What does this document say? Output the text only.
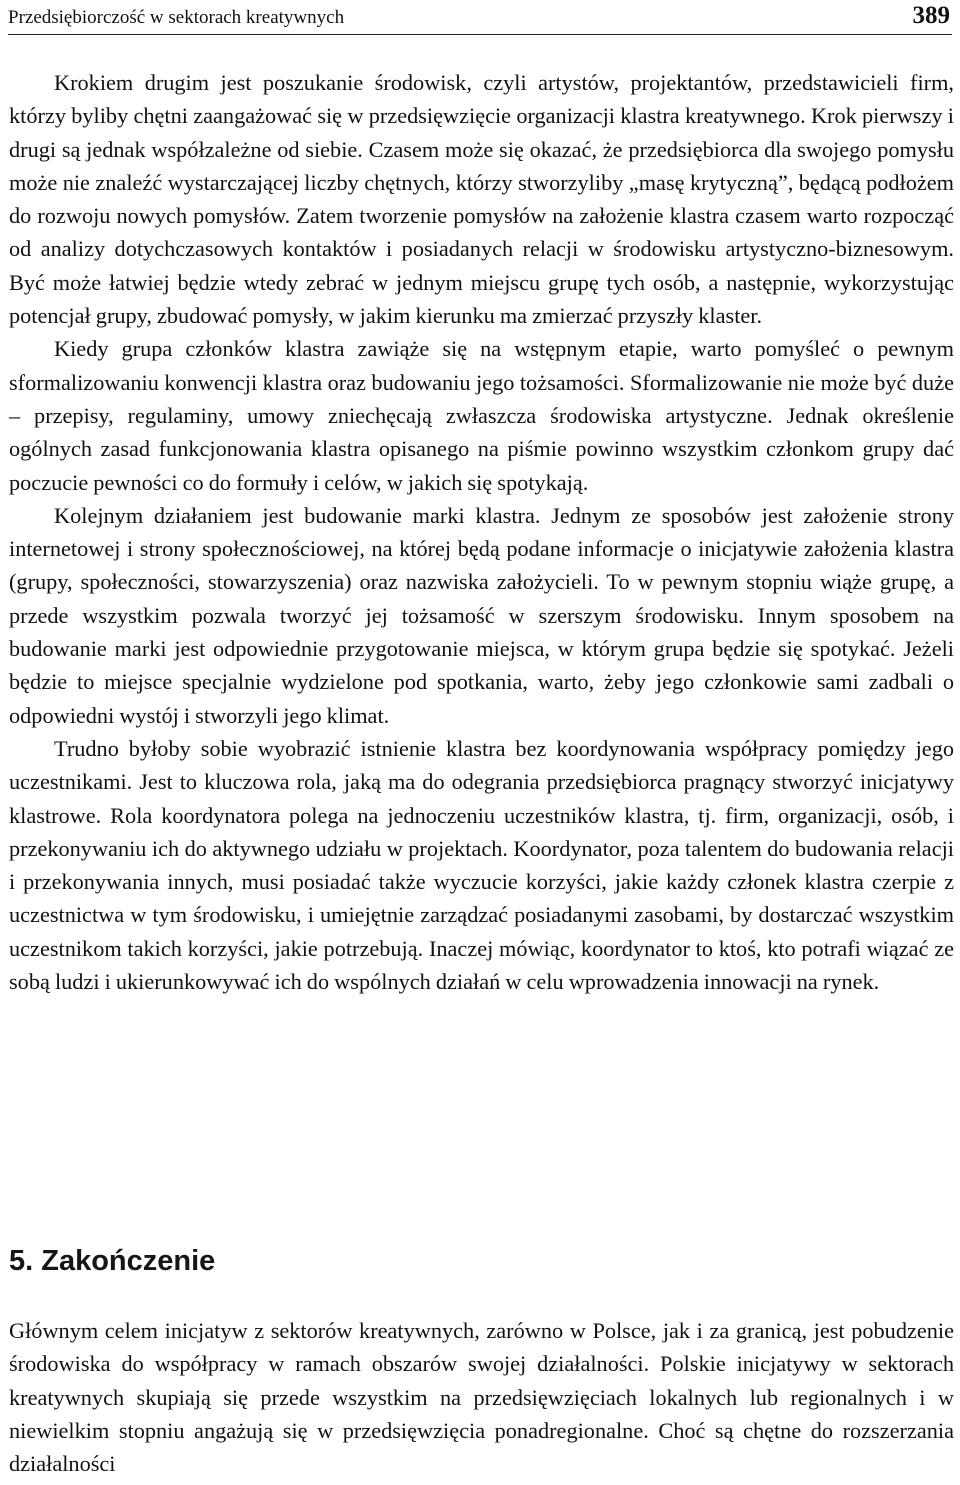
Przedsiębiorczość w sektorach kreatywnych	389

Krokiem drugim jest poszukanie środowisk, czyli artystów, projektantów, przedstawicieli firm, którzy byliby chętni zaangażować się w przedsięwzięcie organizacji klastra kreatywnego. Krok pierwszy i drugi są jednak współzależne od siebie. Czasem może się okazać, że przedsiębiorca dla swojego pomysłu może nie znaleźć wystarczającej liczby chętnych, którzy stworzyliby „masę krytyczną”, będącą podłożem do rozwoju nowych pomysłów. Zatem tworzenie pomysłów na założenie klastra czasem warto rozpocząć od analizy dotychczasowych kontaktów i posiadanych relacji w środowisku artystyczno-biznesowym. Być może łatwiej będzie wtedy zebrać w jednym miejscu grupę tych osób, a następnie, wykorzystując potencjał grupy, zbudować pomysły, w jakim kierunku ma zmierzać przyszły klaster.

Kiedy grupa członków klastra zawiąże się na wstępnym etapie, warto pomyśleć o pewnym sformalizowaniu konwencji klastra oraz budowaniu jego tożsamości. Sformalizowanie nie może być duże – przepisy, regulaminy, umowy zniechęcają zwłaszcza środowiska artystyczne. Jednak określenie ogólnych zasad funkcjonowania klastra opisanego na piśmie powinno wszystkim członkom grupy dać poczucie pewności co do formuły i celów, w jakich się spotykają.

Kolejnym działaniem jest budowanie marki klastra. Jednym ze sposobów jest założenie strony internetowej i strony społecznościowej, na której będą podane informacje o inicjatywie założenia klastra (grupy, społeczności, stowarzyszenia) oraz nazwiska założycieli. To w pewnym stopniu wiąże grupę, a przede wszystkim pozwala tworzyć jej tożsamość w szerszym środowisku. Innym sposobem na budowanie marki jest odpowiednie przygotowanie miejsca, w którym grupa będzie się spotykać. Jeżeli będzie to miejsce specjalnie wydzielone pod spotkania, warto, żeby jego członkowie sami zadbali o odpowiedni wystój i stworzyli jego klimat.

Trudno byłoby sobie wyobrazić istnienie klastra bez koordynowania współpracy pomiędzy jego uczestnikami. Jest to kluczowa rola, jaką ma do odegrania przedsiębiorca pragnący stworzyć inicjatywy klastrowe. Rola koordynatora polega na jednoczeniu uczestników klastra, tj. firm, organizacji, osób, i przekonywaniu ich do aktywnego udziału w projektach. Koordynator, poza talentem do budowania relacji i przekonywania innych, musi posiadać także wyczucie korzyści, jakie każdy członek klastra czerpie z uczestnictwa w tym środowisku, i umiejętnie zarządzać posiadanymi zasobami, by dostarczać wszystkim uczestnikom takich korzyści, jakie potrzebują. Inaczej mówiąc, koordynator to ktoś, kto potrafi wiązać ze sobą ludzi i ukierunkowywać ich do wspólnych działań w celu wprowadzenia innowacji na rynek.

5. Zakończenie

Głównym celem inicjatyw z sektorów kreatywnych, zarówno w Polsce, jak i za granicą, jest pobudzenie środowiska do współpracy w ramach obszarów swojej działalności. Polskie inicjatywy w sektorach kreatywnych skupiają się przede wszystkim na przedsięwzięciach lokalnych lub regionalnych i w niewielkim stopniu angażują się w przedsięwzięcia ponadregionalne. Choć są chętne do rozszerzania działalności
